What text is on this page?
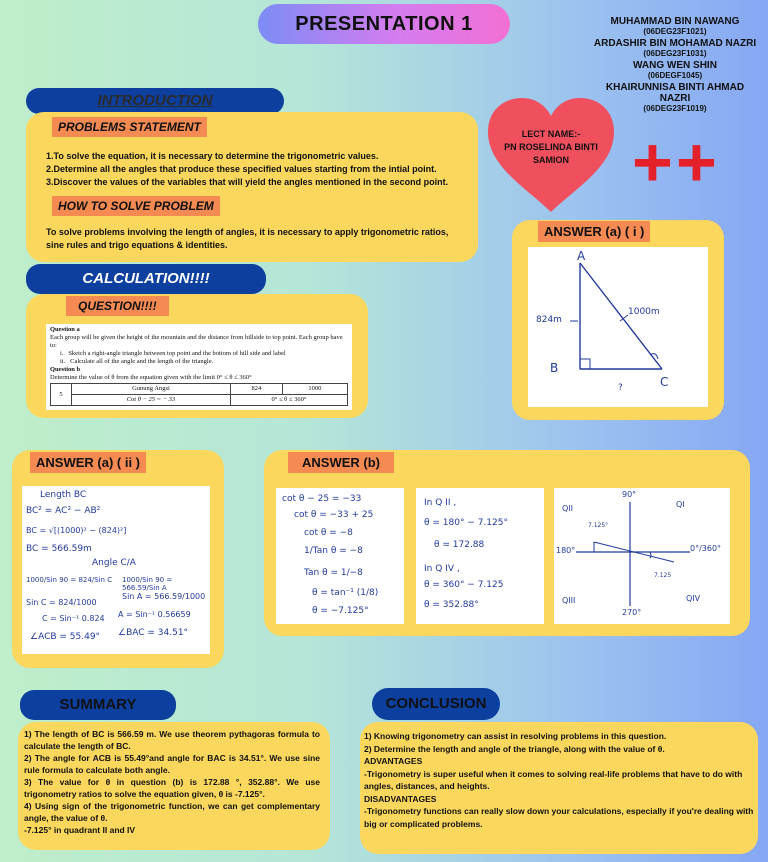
PRESENTATION 1	MUHAMMAD BIN NAWANG
(06DEG23F1021)
ARDASHIR BIN MOHAMAD NAZRI
(06DEG23F1031)
WANG WEN SHIN
(06DEGF1045)
KHAIRUNNISA BINTI AHMAD NAZRI
(06DEG23F1019)
LECT NAME:-
PN ROSELINDA BINTI
SAMION + +
INTRODUCTION
PROBLEMS STATEMENT
1.To solve the equation, it is necessary to determine the trigonometric values.
2.Determine all the angles that produce these specified values starting from the intial point.
3.Discover the values of the variables that will yield the angles mentioned in the second point.
HOW TO SOLVE PROBLEM
To solve problems involving the length of angles, it is necessary to apply trigonometric ratios, sine rules and trigo equations & identities.
ANSWER (a) ( i )
A
B
C
824m
1000m
?
CALCULATION!!!!
QUESTION!!!!
Question a
Each group will be given the height of the mountain and the distance from hillside to top point. Each group have to:
i. Sketch a right-angle triangle between top point and the bottom of hill side and label
ii. Calculate all of the angle and the length of the triangle.
Question b
Determine the value of θ from the equation given with the limit 0° ≤ θ ≤ 360°
5	Gunung Angsi	824	1000
	Cot θ − 25 = − 33	0° ≤ θ ≤ 360°	
ANSWER (a) ( ii )
Length BC
BC² = AC² − AB²
BC = √[(1000)² − (824)²]
BC = 566.59m
Angle C/A
1000/Sin 90 = 824/Sin C 1000/Sin 90 = 566.59/Sin A
Sin C = 824/1000
Sin A = 566.59/1000
C = Sin⁻¹ 0.824 A = Sin⁻¹ 0.56659
∠ACB = 55.49° ∠BAC = 34.51°
ANSWER (b)
cot θ − 25 = −33
cot θ = −33 + 25
cot θ = −8
1/Tan θ = −8
Tan θ = 1/−8
θ = tan⁻¹ (1/8)
θ = −7.125°
In Q II ,
θ = 180° − 7.125°
θ = 172.88
In Q IV ,
θ = 360° − 7.125
θ = 352.88°
QII	QI
QIII	QIV
90°
180°	0°/360°
270°
7.125°
7.125
SUMMARY
1) The length of BC is 566.59 m. We use theorem pythagoras formula to calculate the length of BC.
2) The angle for ACB is 55.49°and angle for BAC is 34.51°. We use sine rule formula to calculate both angle.
3) The value for θ in question (b) is 172.88 °, 352.88°. We use trigonometry ratios to solve the equation given, θ is -7.125°.
4) Using sign of the trigonometric function, we can get complementary angle, the value of θ.
-7.125° in quadrant II and IV
CONCLUSION
1) Knowing trigonometry can assist in resolving problems in this question.
2) Determine the length and angle of the triangle, along with the value of θ.
ADVANTAGES
-Trigonometry is super useful when it comes to solving real-life problems that have to do with angles, distances, and heights.
DISADVANTAGES
-Trigonometry functions can really slow down your calculations, especially if you're dealing with big or complicated problems.
